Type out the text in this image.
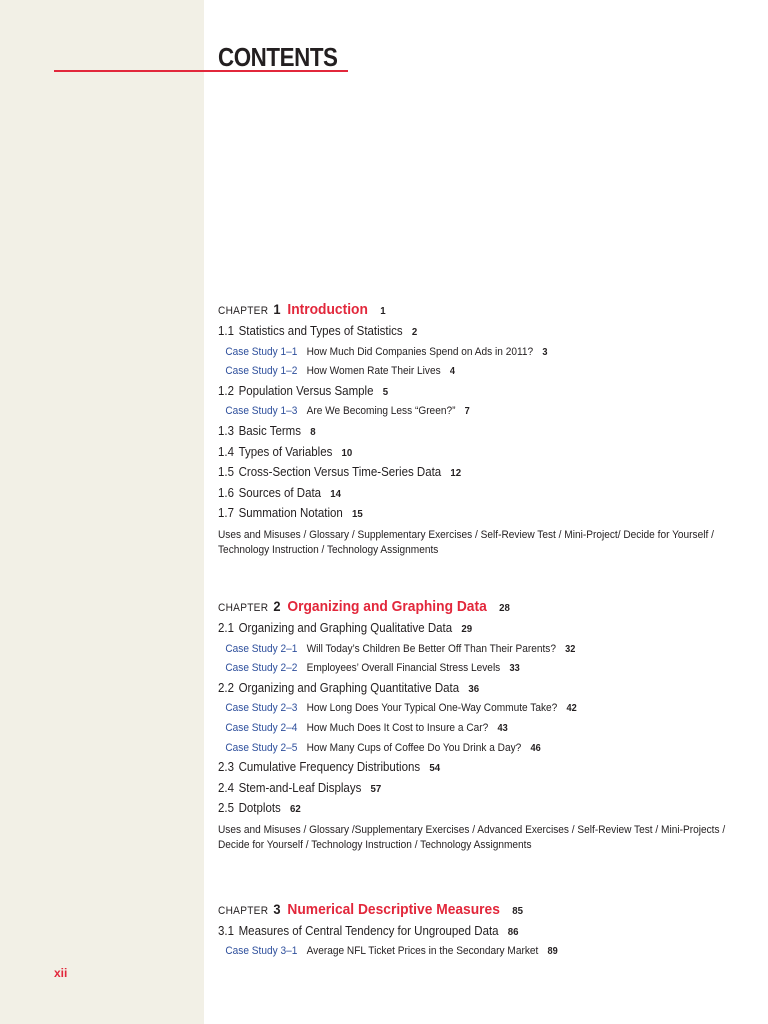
CONTENTS
CHAPTER 1 Introduction 1
1.1 Statistics and Types of Statistics 2
Case Study 1–1 How Much Did Companies Spend on Ads in 2011? 3
Case Study 1–2 How Women Rate Their Lives 4
1.2 Population Versus Sample 5
Case Study 1–3 Are We Becoming Less “Green?” 7
1.3 Basic Terms 8
1.4 Types of Variables 10
1.5 Cross-Section Versus Time-Series Data 12
1.6 Sources of Data 14
1.7 Summation Notation 15
Uses and Misuses / Glossary / Supplementary Exercises / Self-Review Test / Mini-Project/ Decide for Yourself / Technology Instruction / Technology Assignments
CHAPTER 2 Organizing and Graphing Data 28
2.1 Organizing and Graphing Qualitative Data 29
Case Study 2–1 Will Today’s Children Be Better Off Than Their Parents? 32
Case Study 2–2 Employees’ Overall Financial Stress Levels 33
2.2 Organizing and Graphing Quantitative Data 36
Case Study 2–3 How Long Does Your Typical One-Way Commute Take? 42
Case Study 2–4 How Much Does It Cost to Insure a Car? 43
Case Study 2–5 How Many Cups of Coffee Do You Drink a Day? 46
2.3 Cumulative Frequency Distributions 54
2.4 Stem-and-Leaf Displays 57
2.5 Dotplots 62
Uses and Misuses / Glossary /Supplementary Exercises / Advanced Exercises / Self-Review Test / Mini-Projects / Decide for Yourself / Technology Instruction / Technology Assignments
CHAPTER 3 Numerical Descriptive Measures 85
3.1 Measures of Central Tendency for Ungrouped Data 86
Case Study 3–1 Average NFL Ticket Prices in the Secondary Market 89
xii
